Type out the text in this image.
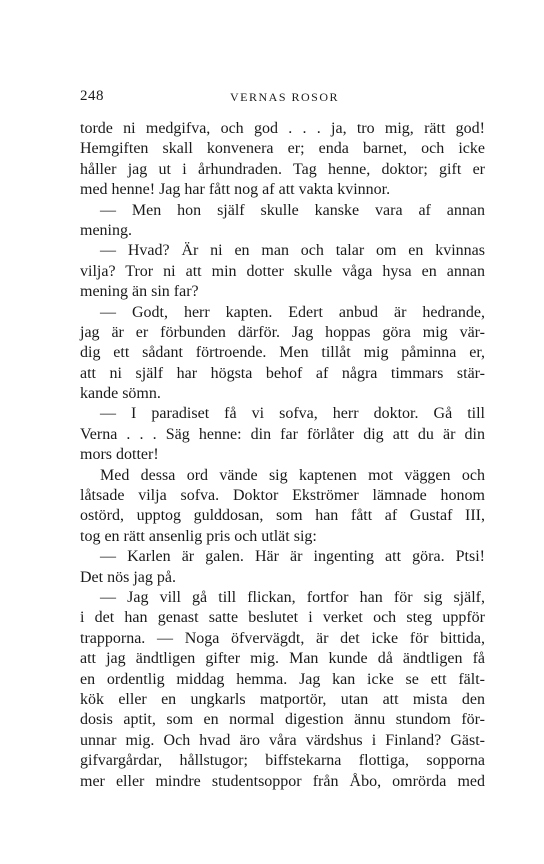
248	VERNAS ROSOR
torde ni medgifva, och god . . . ja, tro mig, rätt god!
Hemgiften skall konvenera er; enda barnet, och icke
håller jag ut i århundraden. Tag henne, doktor; gift er
med henne! Jag har fått nog af att vakta kvinnor.
— Men hon själf skulle kanske vara af annan
mening.
— Hvad? Är ni en man och talar om en kvinnas
vilja? Tror ni att min dotter skulle våga hysa en annan
mening än sin far?
— Godt, herr kapten. Edert anbud är hedrande,
jag är er förbunden därför. Jag hoppas göra mig vär-
dig ett sådant förtroende. Men tillåt mig påminna er,
att ni själf har högsta behof af några timmars stär-
kande sömn.
— I paradiset få vi sofva, herr doktor. Gå till
Verna . . . Säg henne: din far förlåter dig att du är din
mors dotter!
Med dessa ord vände sig kaptenen mot väggen och
låtsade vilja sofva. Doktor Ekströmer lämnade honom
ostörd, upptog gulddosan, som han fått af Gustaf III,
tog en rätt ansenlig pris och utlät sig:
— Karlen är galen. Här är ingenting att göra. Ptsi!
Det nös jag på.
— Jag vill gå till flickan, fortfor han för sig själf,
i det han genast satte beslutet i verket och steg uppför
trapporna. — Noga öfvervägdt, är det icke för bittida,
att jag ändtligen gifter mig. Man kunde då ändtligen få
en ordentlig middag hemma. Jag kan icke se ett fält-
kök eller en ungkarls matportör, utan att mista den
dosis aptit, som en normal digestion ännu stundom för-
unnar mig. Och hvad äro våra värdshus i Finland? Gäst-
gifvargårdar, hållstugor; biffstekarna flottiga, sopporna
mer eller mindre studentsoppor från Åbo, omrörda med
